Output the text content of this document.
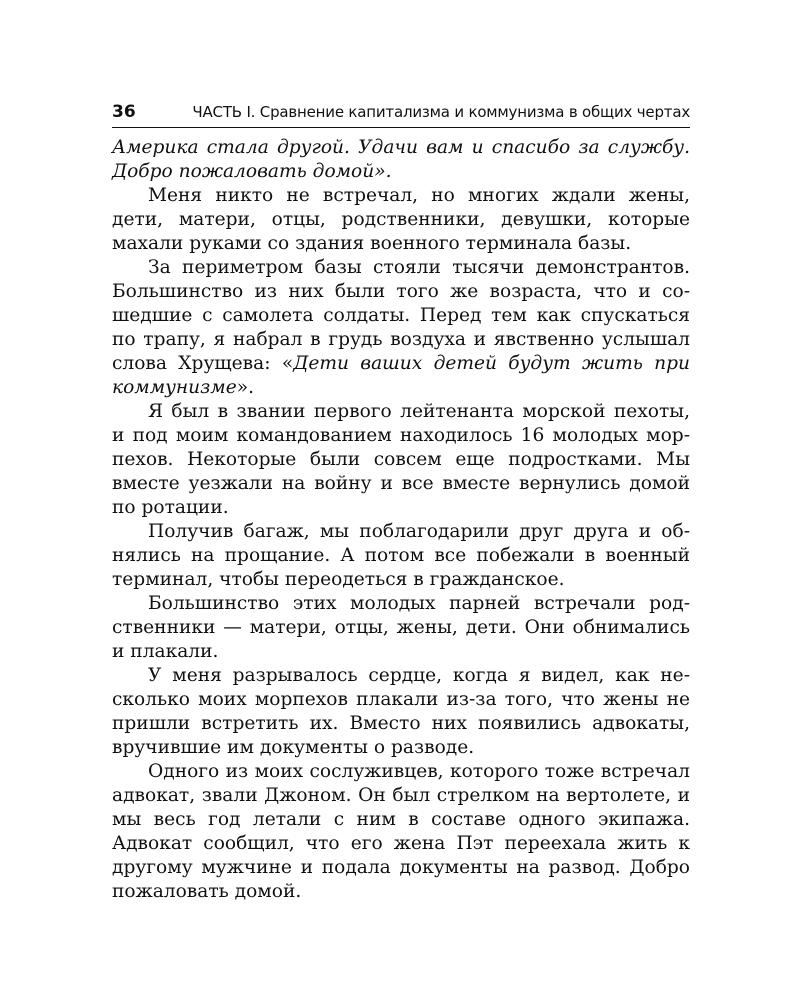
36	ЧАСТЬ I. Сравнение капитализма и коммунизма в общих чертах

Америка стала другой. Удачи вам и спасибо за службу. Добро пожаловать домой».

Меня никто не встречал, но многих ждали жены, дети, матери, отцы, родственники, девушки, которые махали руками со здания военного терминала базы.

За периметром базы стояли тысячи демонстрантов. Большинство из них были того же возраста, что и сошедшие с самолета солдаты. Перед тем как спускаться по трапу, я набрал в грудь воздуха и явственно услышал слова Хрущева: «Дети ваших детей будут жить при коммунизме».

Я был в звании первого лейтенанта морской пехоты, и под моим командованием находилось 16 молодых морпехов. Некоторые были совсем еще подростками. Мы вместе уезжали на войну и все вместе вернулись домой по ротации.

Получив багаж, мы поблагодарили друг друга и обнялись на прощание. А потом все побежали в военный терминал, чтобы переодеться в гражданское.

Большинство этих молодых парней встречали родственники — матери, отцы, жены, дети. Они обнимались и плакали.

У меня разрывалось сердце, когда я видел, как несколько моих морпехов плакали из-за того, что жены не пришли встретить их. Вместо них появились адвокаты, вручившие им документы о разводе.

Одного из моих сослуживцев, которого тоже встречал адвокат, звали Джоном. Он был стрелком на вертолете, и мы весь год летали с ним в составе одного экипажа. Адвокат сообщил, что его жена Пэт переехала жить к другому мужчине и подала документы на развод. Добро пожаловать домой.
